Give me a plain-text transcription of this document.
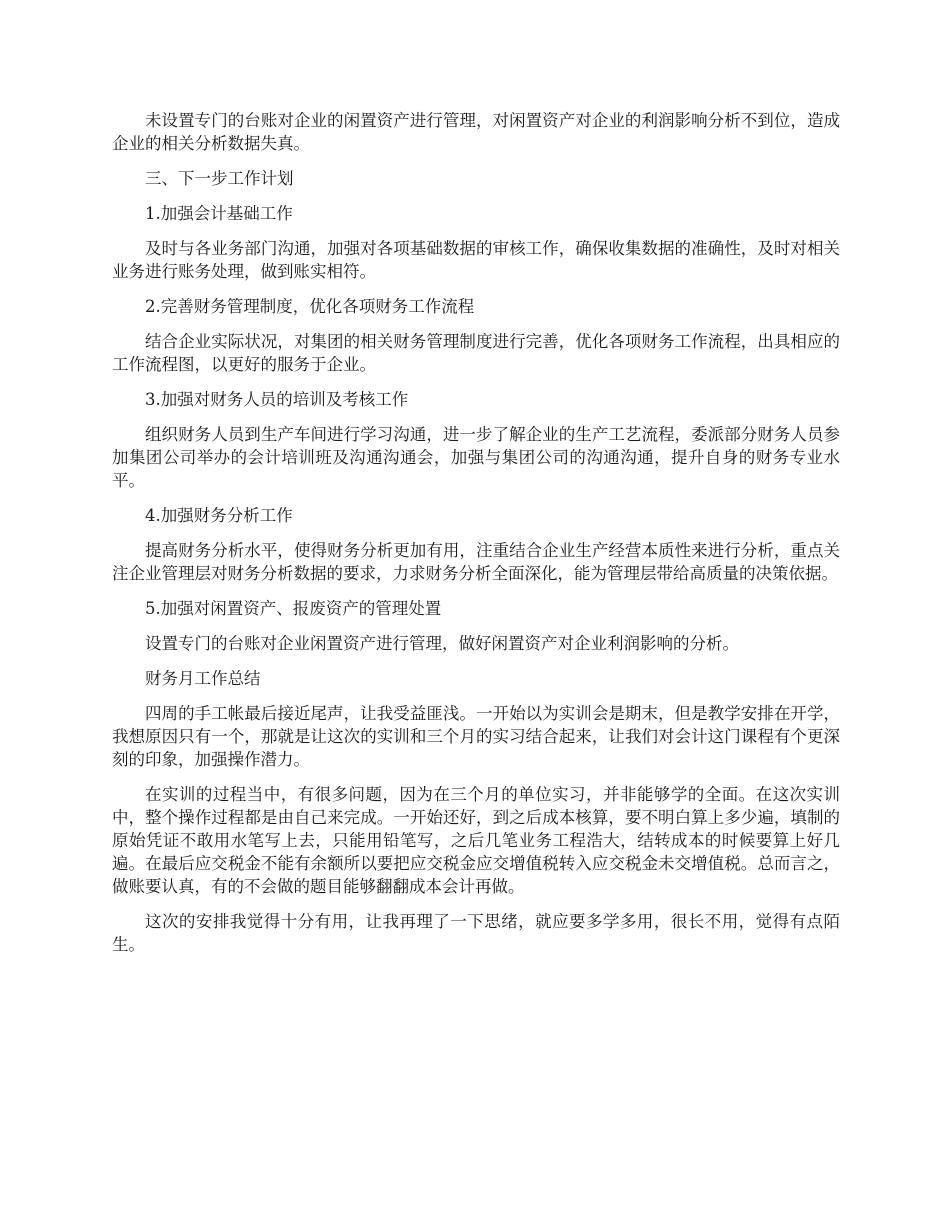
未设置专门的台账对企业的闲置资产进行管理，对闲置资产对企业的利润影响分析不到位，造成企业的相关分析数据失真。

三、下一步工作计划

1.加强会计基础工作

及时与各业务部门沟通，加强对各项基础数据的审核工作，确保收集数据的准确性，及时对相关业务进行账务处理，做到账实相符。

2.完善财务管理制度，优化各项财务工作流程

结合企业实际状况，对集团的相关财务管理制度进行完善，优化各项财务工作流程，出具相应的工作流程图，以更好的服务于企业。

3.加强对财务人员的培训及考核工作

组织财务人员到生产车间进行学习沟通，进一步了解企业的生产工艺流程，委派部分财务人员参加集团公司举办的会计培训班及沟通沟通会，加强与集团公司的沟通沟通，提升自身的财务专业水平。

4.加强财务分析工作

提高财务分析水平，使得财务分析更加有用，注重结合企业生产经营本质性来进行分析，重点关注企业管理层对财务分析数据的要求，力求财务分析全面深化，能为管理层带给高质量的决策依据。

5.加强对闲置资产、报废资产的管理处置

设置专门的台账对企业闲置资产进行管理，做好闲置资产对企业利润影响的分析。

财务月工作总结

四周的手工帐最后接近尾声，让我受益匪浅。一开始以为实训会是期末，但是教学安排在开学，我想原因只有一个，那就是让这次的实训和三个月的实习结合起来，让我们对会计这门课程有个更深刻的印象，加强操作潜力。

在实训的过程当中，有很多问题，因为在三个月的单位实习，并非能够学的全面。在这次实训中，整个操作过程都是由自己来完成。一开始还好，到之后成本核算，要不明白算上多少遍，填制的原始凭证不敢用水笔写上去，只能用铅笔写，之后几笔业务工程浩大，结转成本的时候要算上好几遍。在最后应交税金不能有余额所以要把应交税金应交增值税转入应交税金未交增值税。总而言之，做账要认真，有的不会做的题目能够翻翻成本会计再做。

这次的安排我觉得十分有用，让我再理了一下思绪，就应要多学多用，很长不用，觉得有点陌生。
